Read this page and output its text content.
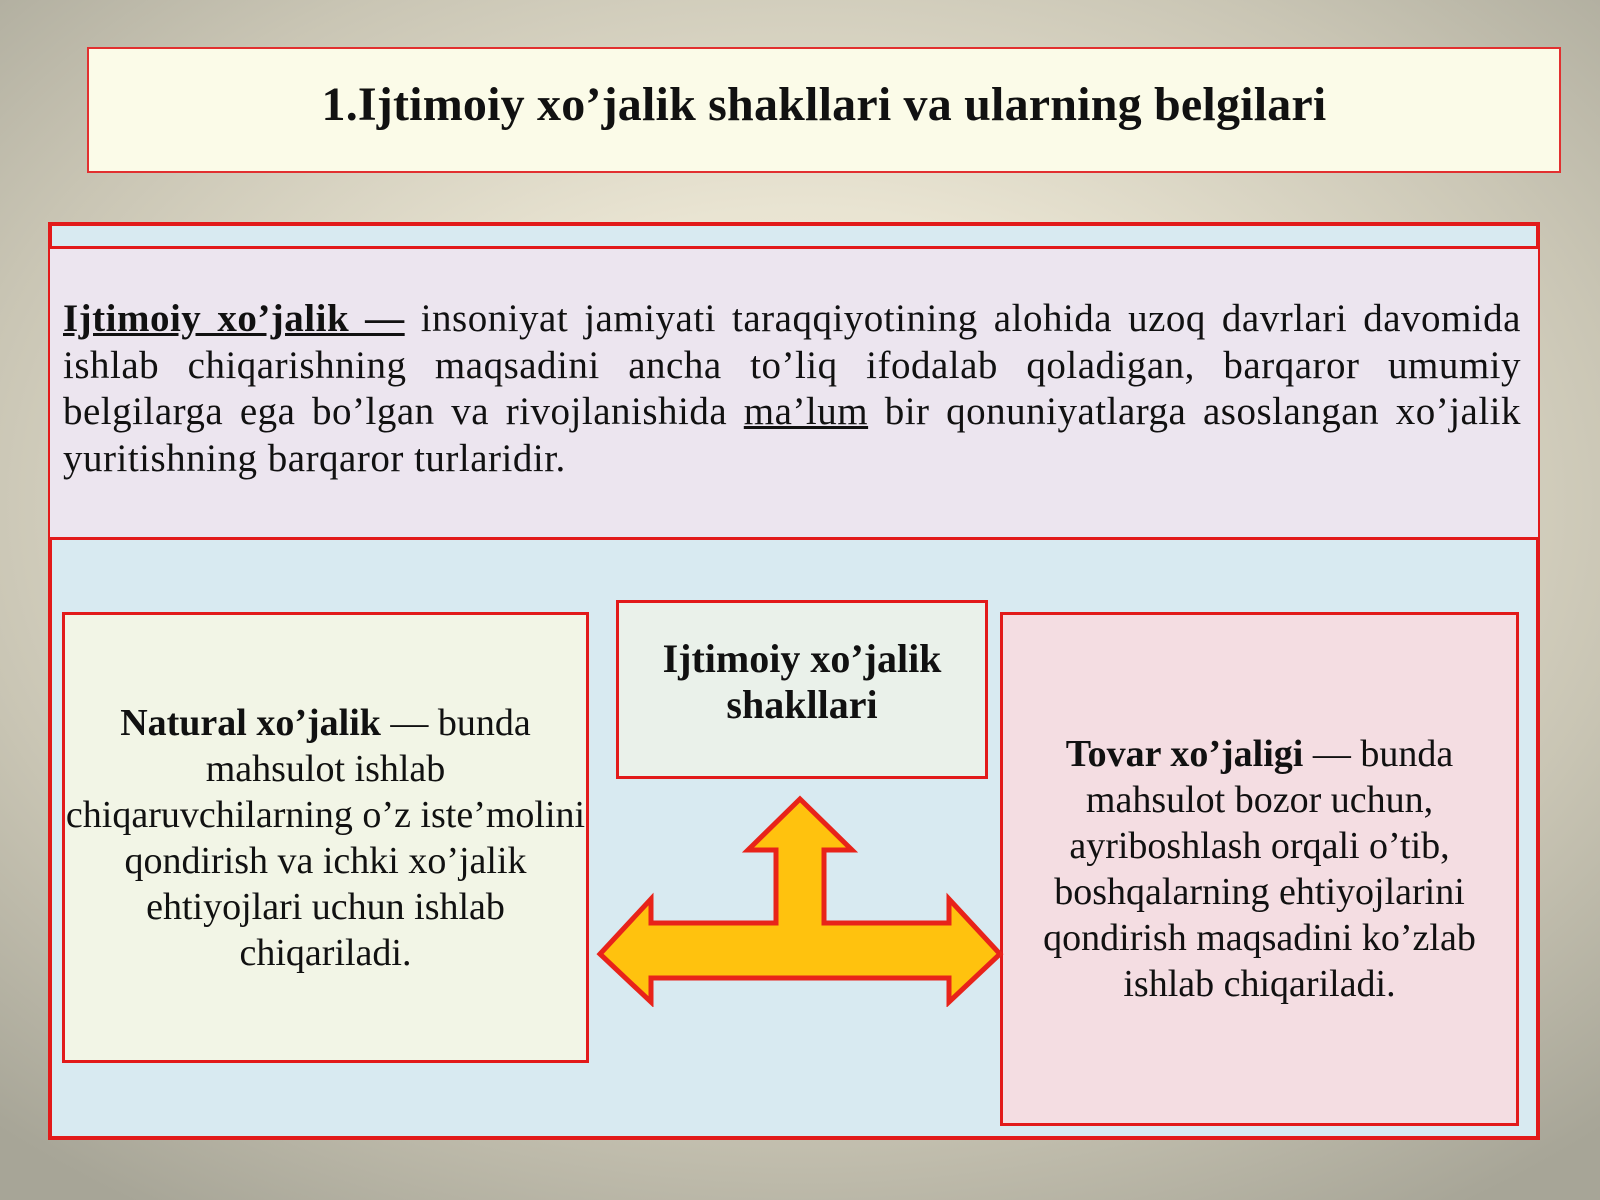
1.Ijtimoiy xo’jalik shakllari va ularning belgilari

Ijtimoiy xo’jalik — insoniyat jamiyati taraqqiyotining alohida uzoq davrlari davomida ishlab chiqarishning maqsadini ancha to’liq ifodalab qoladigan, barqaror umumiy belgilarga ega bo’lgan va rivojlanishida ma’lum bir qonuniyatlarga asoslangan xo’jalik yuritishning barqaror turlaridir.

Ijtimoiy xo’jalik shakllari

Natural xo’jalik — bunda mahsulot ishlab chiqaruvchilarning o’z iste’molini qondirish va ichki xo’jalik ehtiyojlari uchun ishlab chiqariladi.

Tovar xo’jaligi — bunda mahsulot bozor uchun, ayriboshlash orqali o’tib, boshqalarning ehtiyojlarini qondirish maqsadini ko’zlab ishlab chiqariladi.
